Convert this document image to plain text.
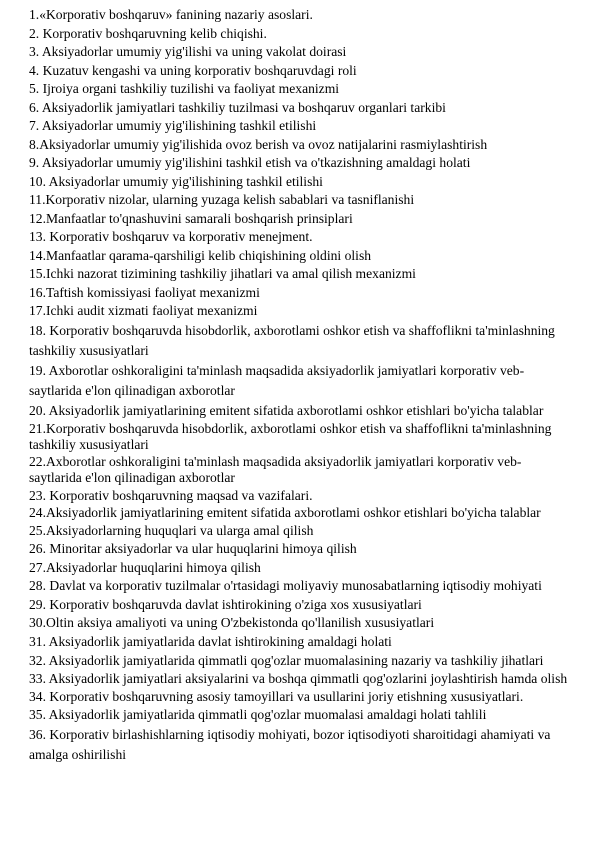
1.«Korporativ boshqaruv» fanining nazariy asoslari.

2. Korporativ boshqaruvning kelib chiqishi.

3. Aksiyadorlar umumiy yig'ilishi va uning vakolat doirasi

4. Kuzatuv kengashi va uning korporativ boshqaruvdagi roli

5. Ijroiya organi tashkiliy tuzilishi va faoliyat mexanizmi

6. Aksiyadorlik jamiyatlari tashkiliy tuzilmasi va boshqaruv organlari tarkibi

7. Aksiyadorlar umumiy yig'ilishining tashkil etilishi

8.Aksiyadorlar umumiy yig'ilishida ovoz berish va ovoz natijalarini rasmiylashtirish

9. Aksiyadorlar umumiy yig'ilishini tashkil etish va o'tkazishning amaldagi holati

10. Aksiyadorlar umumiy yig'ilishining tashkil etilishi

11.Korporativ nizolar, ularning yuzaga kelish sabablari va tasniflanishi

12.Manfaatlar to'qnashuvini samarali boshqarish prinsiplari

13. Korporativ boshqaruv va korporativ menejment.

14.Manfaatlar qarama-qarshiligi kelib chiqishining oldini olish

15.Ichki nazorat tizimining tashkiliy jihatlari va amal qilish mexanizmi

16.Taftish komissiyasi faoliyat mexanizmi

17.Ichki audit xizmati faoliyat mexanizmi

18. Korporativ boshqaruvda hisobdorlik, axborotlami oshkor etish va shaffoflikni ta'minlashning tashkiliy xususiyatlari

19. Axborotlar oshkoraligini ta'minlash maqsadida aksiyadorlik jamiyatlari korporativ veb-saytlarida e'lon qilinadigan axborotlar

20. Aksiyadorlik jamiyatlarining emitent sifatida axborotlami oshkor etishlari bo'yicha talablar

21.Korporativ boshqaruvda hisobdorlik, axborotlami oshkor etish va shaffoflikni ta'minlashning tashkiliy xususiyatlari

22.Axborotlar oshkoraligini ta'minlash maqsadida aksiyadorlik jamiyatlari korporativ veb-saytlarida e'lon qilinadigan axborotlar

23. Korporativ boshqaruvning maqsad va vazifalari.

24.Aksiyadorlik jamiyatlarining emitent sifatida axborotlami oshkor etishlari bo'yicha talablar

25.Aksiyadorlarning huquqlari va ularga amal qilish

26. Minoritar aksiyadorlar va ular huquqlarini himoya qilish

27.Aksiyadorlar huquqlarini himoya qilish

28. Davlat va korporativ tuzilmalar o'rtasidagi moliyaviy munosabatlarning iqtisodiy mohiyati

29. Korporativ boshqaruvda davlat ishtirokining o'ziga xos xususiyatlari

30.Oltin aksiya amaliyoti va uning O'zbekistonda qo'llanilish xususiyatlari

31. Aksiyadorlik jamiyatlarida davlat ishtirokining amaldagi holati

32. Aksiyadorlik jamiyatlarida qimmatli qog'ozlar muomalasining nazariy va tashkiliy jihatlari

33. Aksiyadorlik jamiyatlari aksiyalarini va boshqa qimmatli qog'ozlarini joylashtirish hamda olish

34. Korporativ boshqaruvning asosiy tamoyillari va usullarini joriy etishning xususiyatlari.

35. Aksiyadorlik jamiyatlarida qimmatli qog'ozlar muomalasi amaldagi holati tahlili

36. Korporativ birlashishlarning iqtisodiy mohiyati, bozor iqtisodiyoti sharoitidagi ahamiyati va amalga oshirilishi
